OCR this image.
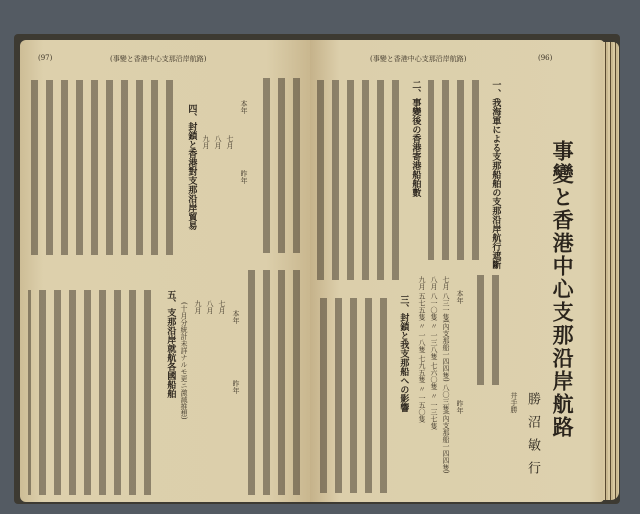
(97)	(事變と香港中心支那沿岸航路)
本年
昨年
七月
八月
九月
四、封鎖と香港對支那沿岸貿易
本年
昨年
七月
八月
九月
(十月分統計未詳ナルモ更ニ激減推想)
五、支那沿岸就航各國船舶
(事變と香港中心支那沿岸航路)	(96)
事變と香港中心支那沿岸航路
勝沼敏行
井手勝
一、我海軍による支那船舶の支那沿岸航行遮斷
二、事變後の香港寄港船舶數
本年
昨年
七月 八三一隻(內支那船一四四隻) 八〇三隻(內支那船一四四隻)
八月 八一〇隻 〃 一三八隻 七六〇隻 〃 一三七隻
九月 五七五隻 〃 一八隻 七九五隻 〃 一五〇隻
三、封鎖と我支那船への影響
